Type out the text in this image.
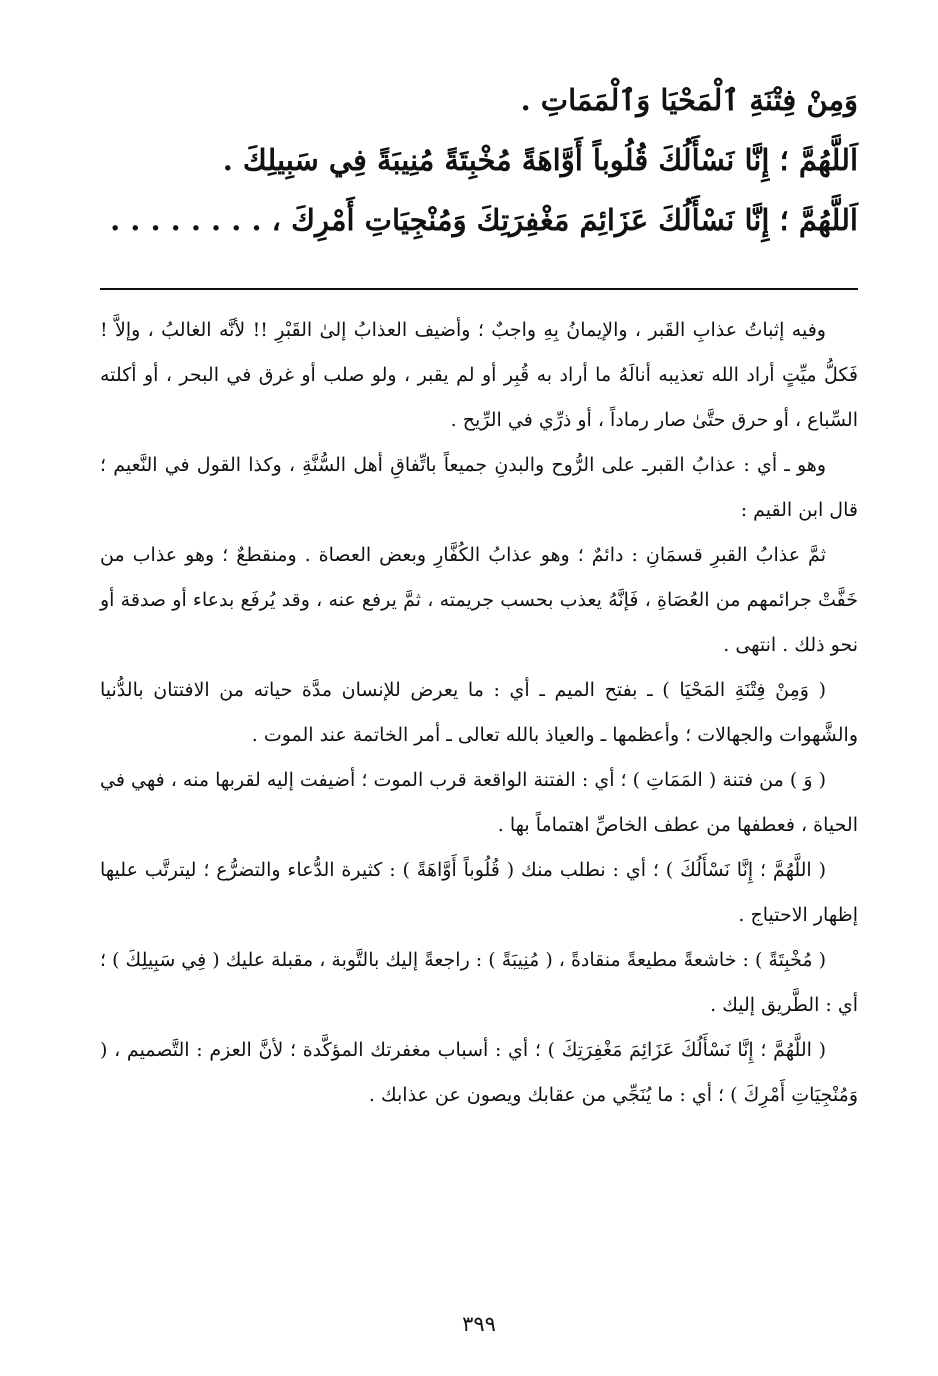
وَمِنْ فِتْنَةِ ٱلْمَحْيَا وَٱلْمَمَاتِ .
اَللَّهُمَّ ؛ إِنَّا نَسْأَلُكَ قُلُوباً أَوَّاهَةً مُخْبِتَةً مُنِيبَةً فِي سَبِيلِكَ .
اَللَّهُمَّ ؛ إِنَّا نَسْأَلُكَ عَزَائِمَ مَغْفِرَتِكَ وَمُنْجِيَاتِ أَمْرِكَ ، . . . . . . . .

وفيه إثباتُ عذابِ القَبر ، والإيمانُ بِهِ واجبٌ ؛ وأضيف العذابُ إلىٰ القَبْرِ !! لأنَّه الغالبُ ، وإلاَّ ! فَكلُّ ميِّتٍ أراد الله تعذيبه أنالَهُ ما أراد به قُبِر أو لم يقبر ، ولو صلب أو غرق في البحر ، أو أكلته السِّباع ، أو حرق حتَّىٰ صار رماداً ، أو ذرِّي في الرِّيح .

وهو ـ أي : عذابُ القبرـ على الرُّوح والبدنِ جميعاً باتِّفاقِ أهل السُّنَّةِ ، وكذا القول في النَّعيم ؛ قال ابن القيم :

ثمَّ عذابُ القبرِ قسمَانِ : دائمٌ ؛ وهو عذابُ الكُفَّارِ وبعض العصاة . ومنقطعٌ ؛ وهو عذاب من خَفَّتْ جرائمهم من العُصَاةِ ، فَإنَّهُ يعذب بحسب جريمته ، ثمَّ يرفع عنه ، وقد يُرفَع بدعاء أو صدقة أو نحو ذلك . انتهى .

( وَمِنْ فِتْنَةِ المَحْيَا ) ـ بفتح الميم ـ أي : ما يعرض للإنسان مدَّة حياته من الافتتان بالدُّنيا والشَّهوات والجهالات ؛ وأعظمها ـ والعياذ بالله تعالى ـ أمر الخاتمة عند الموت .

( وَ ) من فتنة ( المَمَاتِ ) ؛ أي : الفتنة الواقعة قرب الموت ؛ أضيفت إليه لقربها منه ، فهي في الحياة ، فعطفها من عطف الخاصِّ اهتماماً بها .

( اللَّهُمَّ ؛ إِنَّا نَسْأَلُكَ ) ؛ أي : نطلب منك ( قُلُوباً أَوَّاهَةً ) : كثيرة الدُّعاء والتضرُّع ؛ ليترتَّب عليها إظهار الاحتياج .

( مُخْبِتَةً ) : خاشعةً مطيعةً منقادةً ، ( مُنِيبَةً ) : راجعةً إليك بالتَّوبة ، مقبلة عليك ( فِي سَبِيلِكَ ) ؛ أي : الطَّريق إليك .

( اللَّهُمَّ ؛ إِنَّا نَسْأَلُكَ عَزَائِمَ مَغْفِرَتِكَ ) ؛ أي : أسباب مغفرتك المؤكَّدة ؛ لأنَّ العزم : التَّصميم ، ( وَمُنْجِيَاتِ أَمْرِكَ ) ؛ أي : ما يُنَجِّي من عقابك ويصون عن عذابك .

٣٩٩
